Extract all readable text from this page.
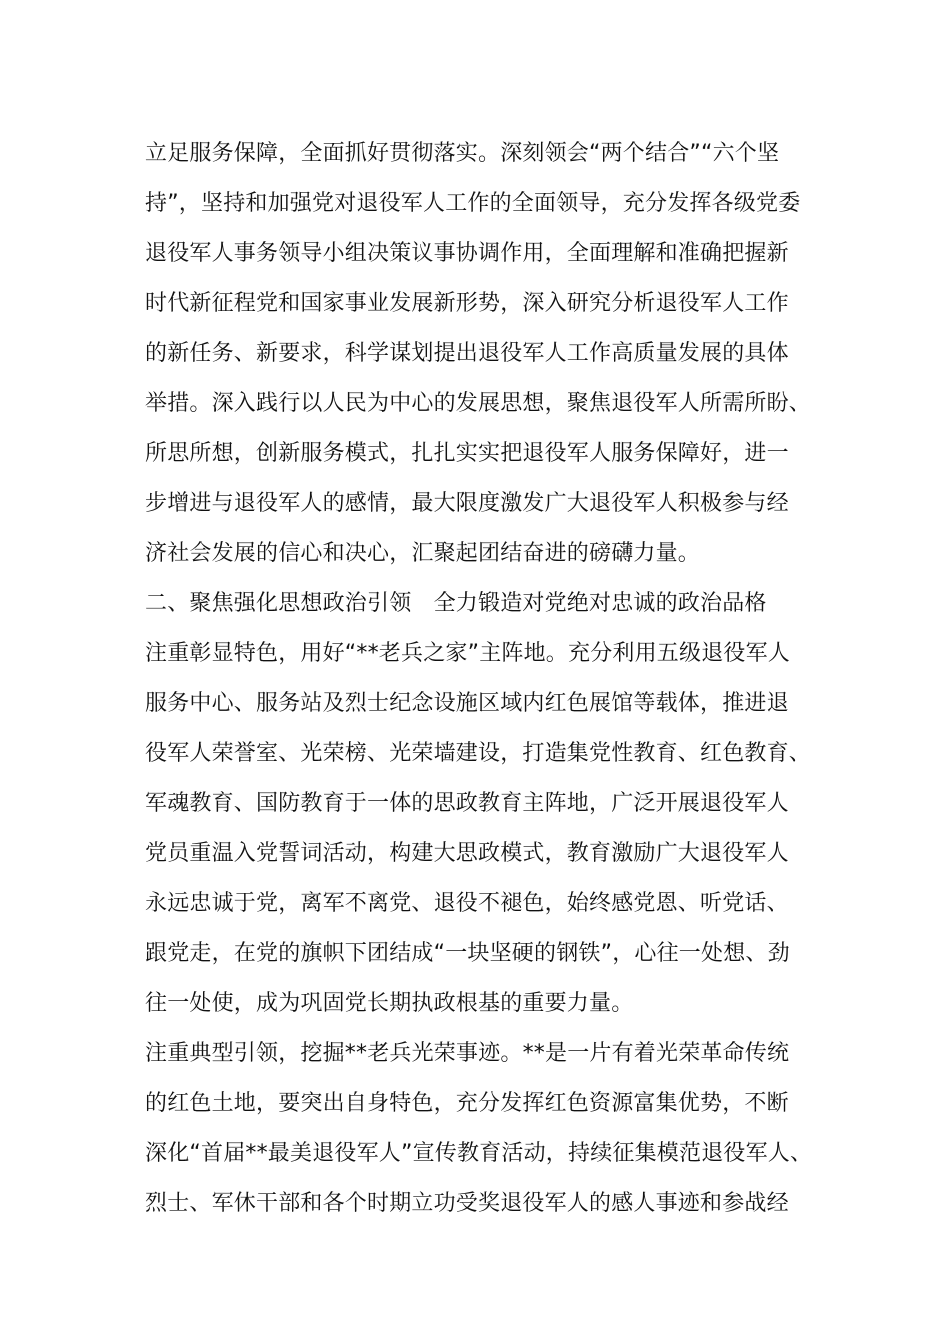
立足服务保障，全面抓好贯彻落实。深刻领会“两个结合”“六个坚
持”，坚持和加强党对退役军人工作的全面领导，充分发挥各级党委
退役军人事务领导小组决策议事协调作用，全面理解和准确把握新
时代新征程党和国家事业发展新形势，深入研究分析退役军人工作
的新任务、新要求，科学谋划提出退役军人工作高质量发展的具体
举措。深入践行以人民为中心的发展思想，聚焦退役军人所需所盼、
所思所想，创新服务模式，扎扎实实把退役军人服务保障好，进一
步增进与退役军人的感情，最大限度激发广大退役军人积极参与经
济社会发展的信心和决心，汇聚起团结奋进的磅礴力量。
二、聚焦强化思想政治引领　全力锻造对党绝对忠诚的政治品格
注重彰显特色，用好“**老兵之家”主阵地。充分利用五级退役军人
服务中心、服务站及烈士纪念设施区域内红色展馆等载体，推进退
役军人荣誉室、光荣榜、光荣墙建设，打造集党性教育、红色教育、
军魂教育、国防教育于一体的思政教育主阵地，广泛开展退役军人
党员重温入党誓词活动，构建大思政模式，教育激励广大退役军人
永远忠诚于党，离军不离党、退役不褪色，始终感党恩、听党话、
跟党走，在党的旗帜下团结成“一块坚硬的钢铁”，心往一处想、劲
往一处使，成为巩固党长期执政根基的重要力量。
注重典型引领，挖掘**老兵光荣事迹。**是一片有着光荣革命传统
的红色土地，要突出自身特色，充分发挥红色资源富集优势，不断
深化“首届**最美退役军人”宣传教育活动，持续征集模范退役军人、
烈士、军休干部和各个时期立功受奖退役军人的感人事迹和参战经
